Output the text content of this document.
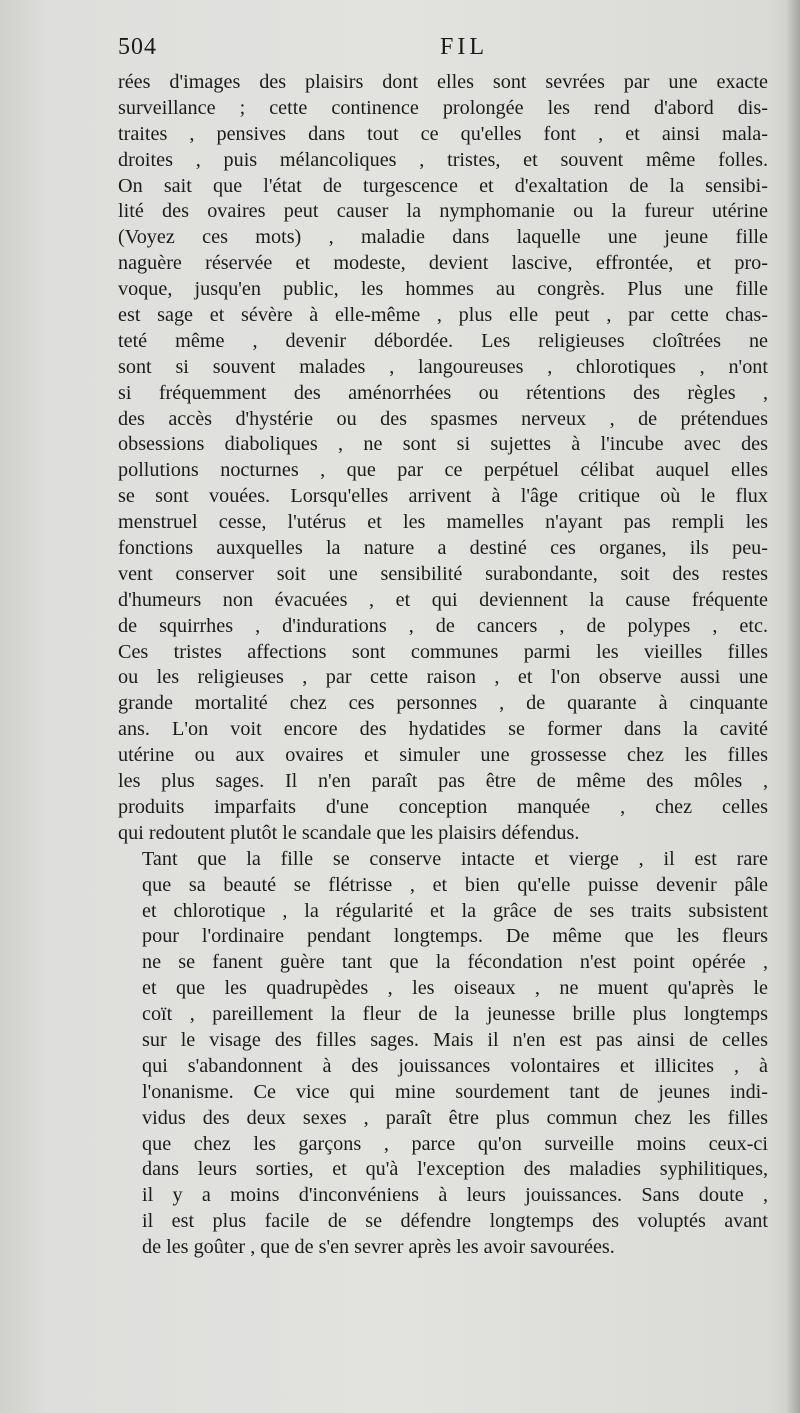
504	FIL
rées d'images des plaisirs dont elles sont sevrées par une exacte
surveillance ; cette continence prolongée les rend d'abord dis-
traites , pensives dans tout ce qu'elles font , et ainsi mala-
droites , puis mélancoliques , tristes, et souvent même folles.
On sait que l'état de turgescence et d'exaltation de la sensibi-
lité des ovaires peut causer la nymphomanie ou la fureur utérine
(Voyez ces mots) , maladie dans laquelle une jeune fille
naguère réservée et modeste, devient lascive, effrontée, et pro-
voque, jusqu'en public, les hommes au congrès. Plus une fille
est sage et sévère à elle-même , plus elle peut , par cette chas-
teté même , devenir débordée. Les religieuses cloîtrées ne
sont si souvent malades , langoureuses , chlorotiques , n'ont
si fréquemment des aménorrhées ou rétentions des règles ,
des accès d'hystérie ou des spasmes nerveux , de prétendues
obsessions diaboliques , ne sont si sujettes à l'incube avec des
pollutions nocturnes , que par ce perpétuel célibat auquel elles
se sont vouées. Lorsqu'elles arrivent à l'âge critique où le flux
menstruel cesse, l'utérus et les mamelles n'ayant pas rempli les
fonctions auxquelles la nature a destiné ces organes, ils peu-
vent conserver soit une sensibilité surabondante, soit des restes
d'humeurs non évacuées , et qui deviennent la cause fréquente
de squirrhes , d'indurations , de cancers , de polypes , etc.
Ces tristes affections sont communes parmi les vieilles filles
ou les religieuses , par cette raison , et l'on observe aussi une
grande mortalité chez ces personnes , de quarante à cinquante
ans. L'on voit encore des hydatides se former dans la cavité
utérine ou aux ovaires et simuler une grossesse chez les filles
les plus sages. Il n'en paraît pas être de même des môles ,
produits imparfaits d'une conception manquée , chez celles
qui redoutent plutôt le scandale que les plaisirs défendus.
Tant que la fille se conserve intacte et vierge , il est rare
que sa beauté se flétrisse , et bien qu'elle puisse devenir pâle
et chlorotique , la régularité et la grâce de ses traits subsistent
pour l'ordinaire pendant longtemps. De même que les fleurs
ne se fanent guère tant que la fécondation n'est point opérée ,
et que les quadrupèdes , les oiseaux , ne muent qu'après le
coït , pareillement la fleur de la jeunesse brille plus longtemps
sur le visage des filles sages. Mais il n'en est pas ainsi de celles
qui s'abandonnent à des jouissances volontaires et illicites , à
l'onanisme. Ce vice qui mine sourdement tant de jeunes indi-
vidus des deux sexes , paraît être plus commun chez les filles
que chez les garçons , parce qu'on surveille moins ceux-ci
dans leurs sorties, et qu'à l'exception des maladies syphilitiques,
il y a moins d'inconvéniens à leurs jouissances. Sans doute ,
il est plus facile de se défendre longtemps des voluptés avant
de les goûter , que de s'en sevrer après les avoir savourées.
